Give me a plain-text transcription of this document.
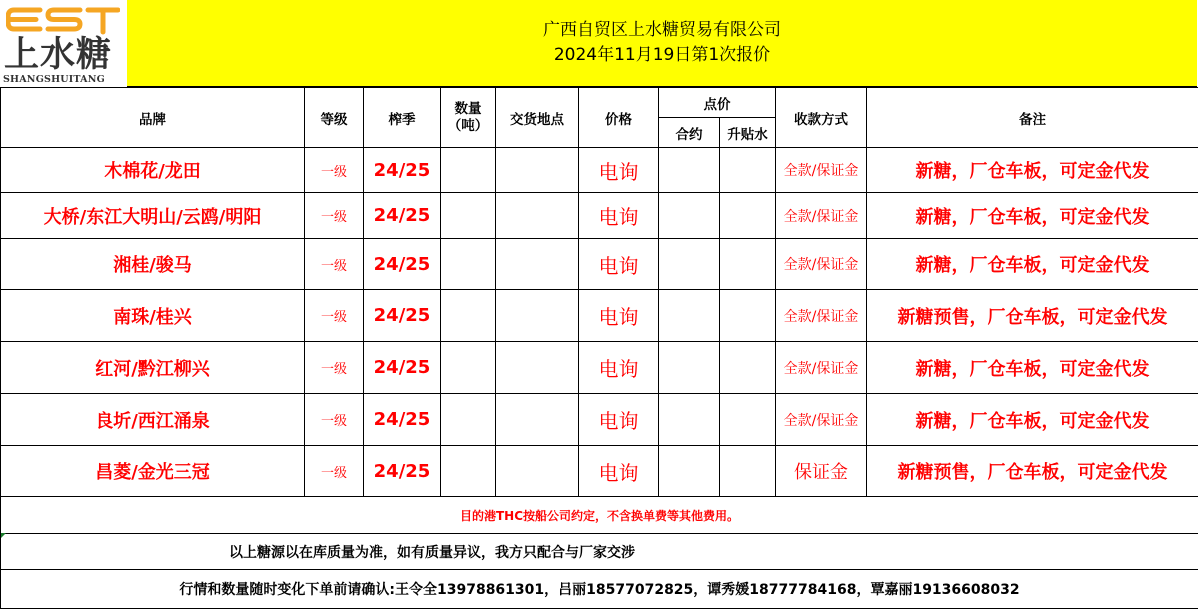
上水糖
SHANGSHUITANG
广西自贸区上水糖贸易有限公司
2024年11月19日第1次报价
品牌	等级	榨季	数量（吨）	交货地点	价格	点价		收款方式	备注
						合约	升贴水		
木棉花/龙田	一级	24/25			电询			全款/保证金	新糖，厂仓车板，可定金代发
大桥/东江大明山/云鸥/明阳	一级	24/25			电询			全款/保证金	新糖，厂仓车板，可定金代发
湘桂/骏马	一级	24/25			电询			全款/保证金	新糖，厂仓车板，可定金代发
南珠/桂兴	一级	24/25			电询			全款/保证金	新糖预售，厂仓车板，可定金代发
红河/黔江柳兴	一级	24/25			电询			全款/保证金	新糖，厂仓车板，可定金代发
良圻/西江涌泉	一级	24/25			电询			全款/保证金	新糖，厂仓车板，可定金代发
昌菱/金光三冠	一级	24/25			电询			保证金	新糖预售，厂仓车板，可定金代发
目的港THC按船公司约定，不含换单费等其他费用。									
以上糖源以在库质量为准，如有质量异议，我方只配合与厂家交涉									
行情和数量随时变化下单前请确认:王令全13978861301，吕丽18577072825，谭秀媛18777784168，覃嘉丽19136608032									
